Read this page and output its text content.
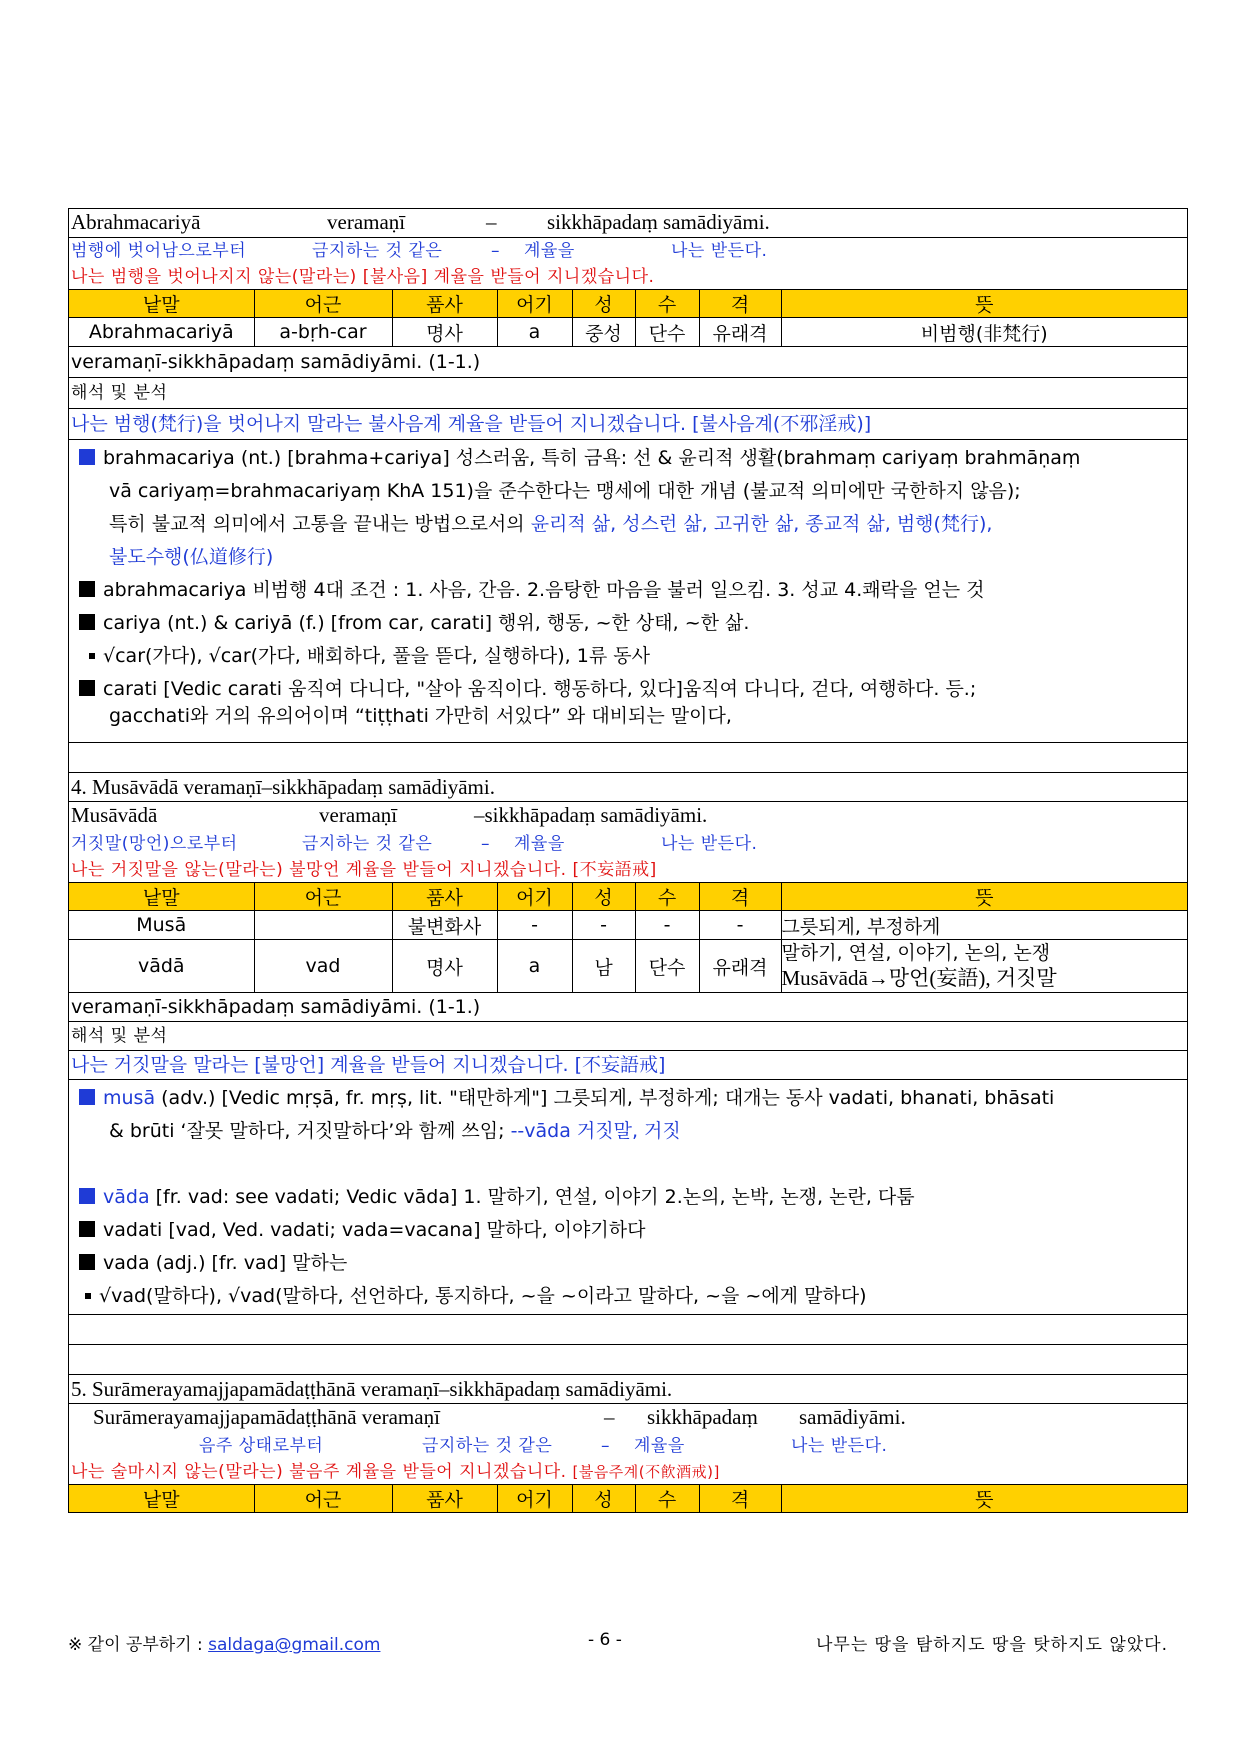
Abrahmacariyā	veramaṇī	– sikkhāpadaṃ samādiyāmi.
범행에 벗어남으로부터	금지하는 것 같은	– 계율을	나는 받든다.

나는 범행을 벗어나지지 않는(말라는) [불사음] 계율을 받들어 지니겠습니다.
낱말	어근	품사	어기	성	수	격	뜻
Abrahmacariyā	a-bṛh-car	명사	a	중성	단수	유래격	비범행(非梵行)
veramaṇī-sikkhāpadaṃ samādiyāmi. (1-1.)
해석 및 분석
나는 범행(梵行)을 벗어나지 말라는 불사음계 계율을 받들어 지니겠습니다. [불사음계(不邪淫戒)]
brahmacariya (nt.) [brahma+cariya] 성스러움, 특히 금욕: 선 & 윤리적 생활(brahmaṃ cariyaṃ brahmāṇaṃ
vā cariyaṃ=brahmacariyaṃ KhA 151)을 준수한다는 맹세에 대한 개념 (불교적 의미에만 국한하지 않음);
특히 불교적 의미에서 고통을 끝내는 방법으로서의 윤리적 삶, 성스런 삶, 고귀한 삶, 종교적 삶, 범행(梵行),
불도수행(仏道修行)
abrahmacariya 비범행 4대 조건 : 1. 사음, 간음. 2.음탕한 마음을 불러 일으킴. 3. 성교 4.쾌락을 얻는 것
cariya (nt.) & cariyā (f.) [from car, carati] 행위, 행동, ~한 상태, ~한 삶.
√car(가다), √car(가다, 배회하다, 풀을 뜯다, 실행하다), 1류 동사
carati [Vedic carati 움직여 다니다, "살아 움직이다. 행동하다, 있다]움직여 다니다, 걷다, 여행하다. 등.;
gacchati와 거의 유의어이며 “tiṭṭhati 가만히 서있다” 와 대비되는 말이다,
4. Musāvādā veramaṇī–sikkhāpadaṃ samādiyāmi.
Musāvādā	veramaṇī	–sikkhāpadaṃ samādiyāmi.
거짓말(망언)으로부터	금지하는 것 같은	– 계율을	나는 받든다.

나는 거짓말을 않는(말라는) 불망언 계율을 받들어 지니겠습니다. [不妄語戒]
낱말	어근	품사	어기	성	수	격	뜻
Musā		불변화사	-	-	-	-	그릇되게, 부정하게
vādā	vad	명사	a	남	단수	유래격	말하기, 연설, 이야기, 논의, 논쟁
Musāvādā→망언(妄語), 거짓말
veramaṇī-sikkhāpadaṃ samādiyāmi. (1-1.)
해석 및 분석
나는 거짓말을 말라는 [불망언] 계율을 받들어 지니겠습니다. [不妄語戒]
musā (adv.) [Vedic mṛṣā, fr. mṛṣ, lit. "태만하게"] 그릇되게, 부정하게; 대개는 동사 vadati, bhanati, bhāsati
& brūti ‘잘못 말하다, 거짓말하다’와 함께 쓰임; --vāda 거짓말, 거짓

vāda [fr. vad: see vadati; Vedic vāda] 1. 말하기, 연설, 이야기 2.논의, 논박, 논쟁, 논란, 다툼
vadati [vad, Ved. vadati; vada=vacana] 말하다, 이야기하다
vada (adj.) [fr. vad] 말하는
√vad(말하다), √vad(말하다, 선언하다, 통지하다, ~을 ~이라고 말하다, ~을 ~에게 말하다)
5. Surāmerayamajjapamādaṭṭhānā veramaṇī–sikkhāpadaṃ samādiyāmi.
Surāmerayamajjapamādaṭṭhānā veramaṇī	– sikkhāpadaṃ samādiyāmi.
음주 상태로부터	금지하는 것 같은	– 계율을	나는 받든다.

나는 술마시지 않는(말라는) 불음주 계율을 받들어 지니겠습니다. [불음주계(不飮酒戒)]
낱말	어근	품사	어기	성	수	격	뜻
※ 같이 공부하기 : saldaga@gmail.com	- 6 -	나무는 땅을 탐하지도 땅을 탓하지도 않았다.
